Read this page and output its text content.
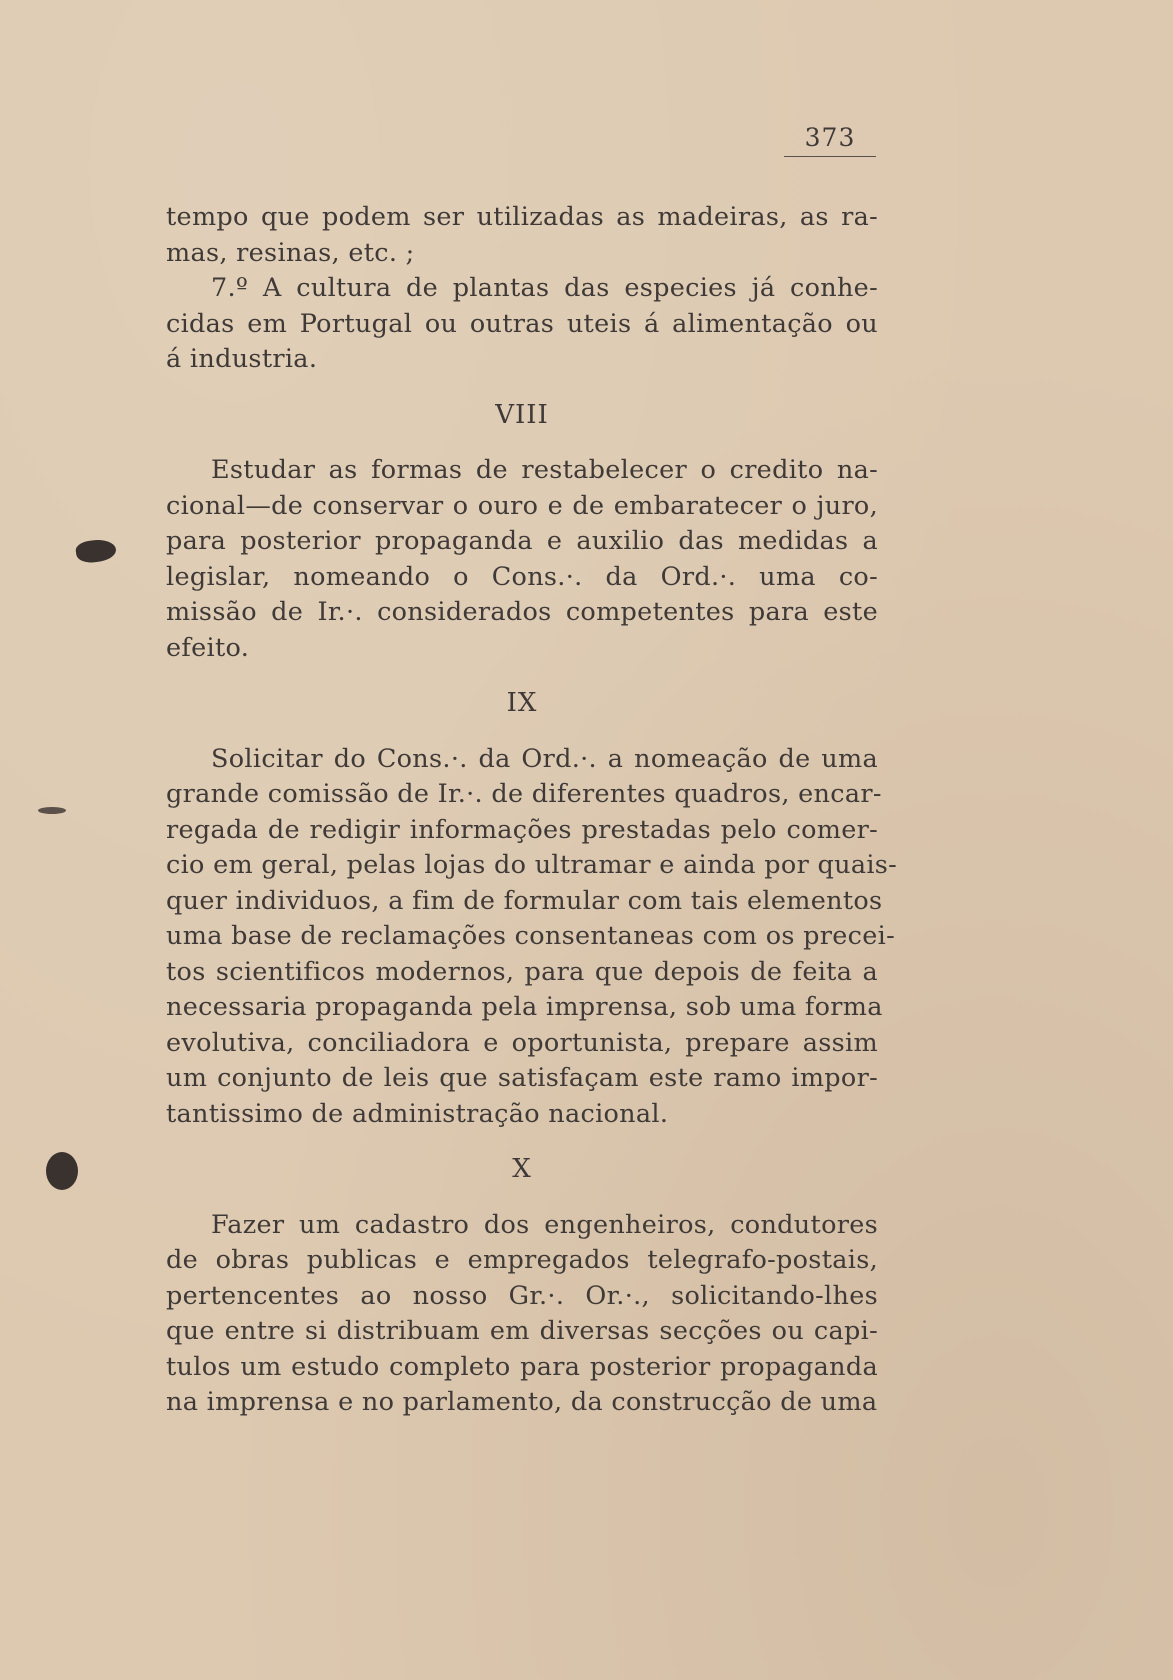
373
tempo que podem ser utilizadas as madeiras, as ra-
mas, resinas, etc. ;
7.º A cultura de plantas das especies já conhe-
cidas em Portugal ou outras uteis á alimentação ou
á industria.
VIII
Estudar as formas de restabelecer o credito na-
cional—de conservar o ouro e de embaratecer o juro,
para posterior propaganda e auxilio das medidas a
legislar, nomeando o Cons.·. da Ord.·. uma co-
missão de Ir.·. considerados competentes para este
efeito.
IX
Solicitar do Cons.·. da Ord.·. a nomeação de uma
grande comissão de Ir.·. de diferentes quadros, encar-
regada de redigir informações prestadas pelo comer-
cio em geral, pelas lojas do ultramar e ainda por quais-
quer individuos, a fim de formular com tais elementos
uma base de reclamações consentaneas com os precei-
tos scientificos modernos, para que depois de feita a
necessaria propaganda pela imprensa, sob uma forma
evolutiva, conciliadora e oportunista, prepare assim
um conjunto de leis que satisfaçam este ramo impor-
tantissimo de administração nacional.
X
Fazer um cadastro dos engenheiros, condutores
de obras publicas e empregados telegrafo-postais,
pertencentes ao nosso Gr.·. Or.·., solicitando-lhes
que entre si distribuam em diversas secções ou capi-
tulos um estudo completo para posterior propaganda
na imprensa e no parlamento, da construcção de uma
